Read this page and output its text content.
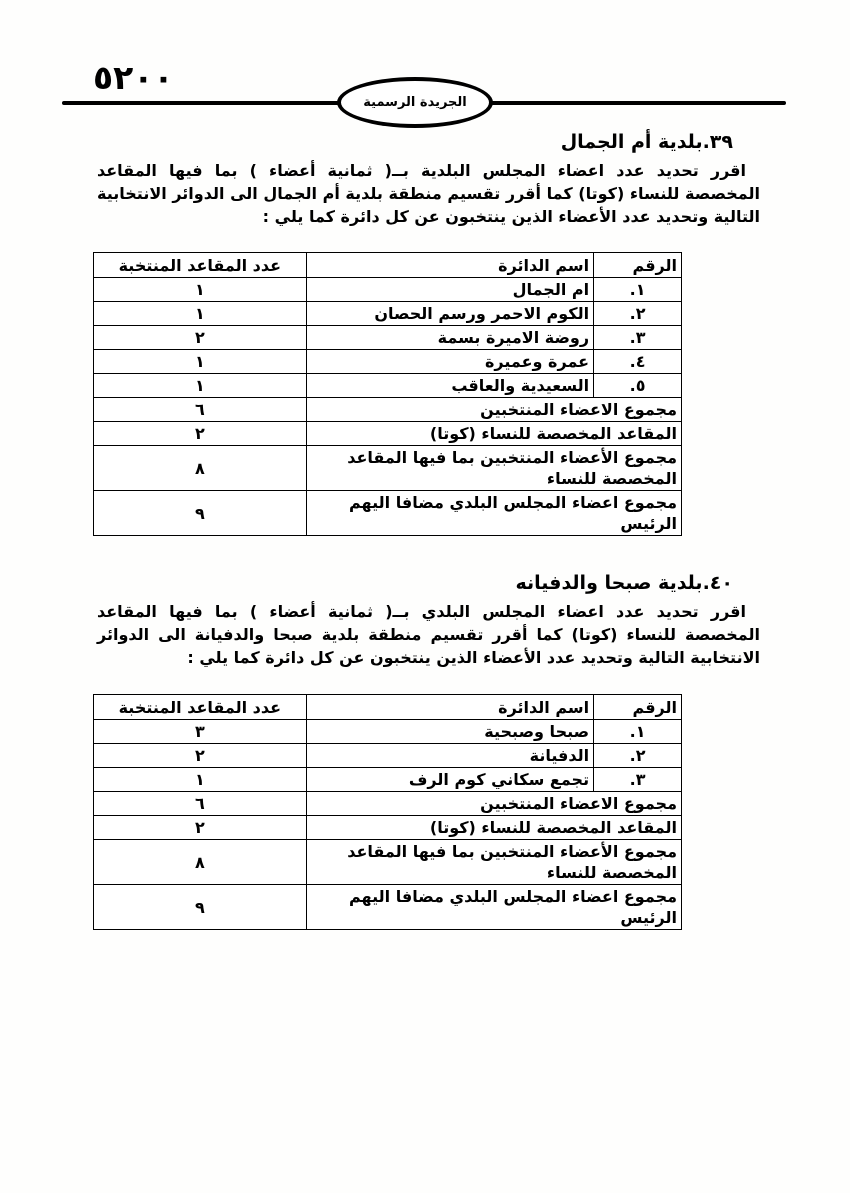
٥٢٠٠
الجريدة الرسمية
٣٩.بلدية أم الجمال
اقرر تحديد عدد اعضاء المجلس البلدية بــ( ثمانية أعضاء ) بما فيها المقاعد المخصصة للنساء (كوتا) كما أقرر تقسيم منطقة بلدية أم الجمال الى الدوائر الانتخابية التالية وتحديد عدد الأعضاء الذين ينتخبون عن كل دائرة كما يلي :
الرقم	اسم الدائرة	عدد المقاعد المنتخبة
١.	ام الجمال	١
٢.	الكوم الاحمر ورسم الحصان	١
٣.	روضة الاميرة بسمة	٢
٤.	عمرة وعميرة	١
٥.	السعيدية والعاقب	١
مجموع الاعضاء المنتخبين		٦
المقاعد المخصصة للنساء (كوتا)		٢
مجموع الأعضاء المنتخبين بما فيها المقاعد المخصصة للنساء		٨
مجموع اعضاء المجلس البلدي مضافا اليهم الرئيس		٩
٤٠.بلدية صبحا والدفيانه
اقرر تحديد عدد اعضاء المجلس البلدي بــ( ثمانية أعضاء ) بما فيها المقاعد المخصصة للنساء (كوتا) كما أقرر تقسيم منطقة بلدية صبحا والدفيانة الى الدوائر الانتخابية التالية وتحديد عدد الأعضاء الذين ينتخبون عن كل دائرة كما يلي :
الرقم	اسم الدائرة	عدد المقاعد المنتخبة
١.	صبحا وصبحية	٣
٢.	الدفيانة	٢
٣.	تجمع سكاني كوم الرف	١
مجموع الاعضاء المنتخبين		٦
المقاعد المخصصة للنساء (كوتا)		٢
مجموع الأعضاء المنتخبين بما فيها المقاعد المخصصة للنساء		٨
مجموع اعضاء المجلس البلدي مضافا اليهم الرئيس		٩
